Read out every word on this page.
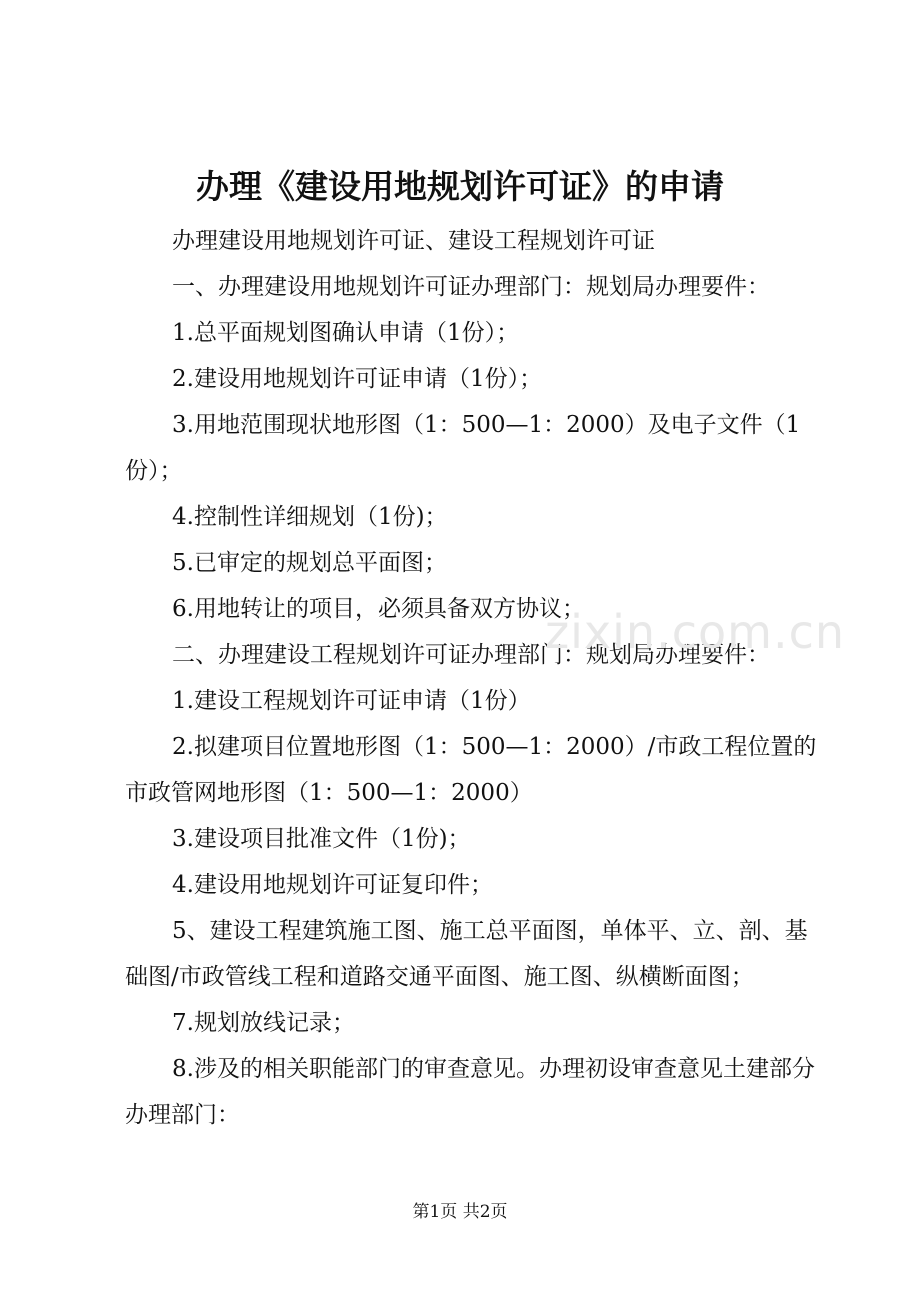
办理《建设用地规划许可证》的申请

办理建设用地规划许可证、建设工程规划许可证

一、办理建设用地规划许可证办理部门：规划局办理要件：

1.总平面规划图确认申请（1份）；

2.建设用地规划许可证申请（1份）；

3.用地范围现状地形图（1：500—1：2000）及电子文件（1份）；

4.控制性详细规划（1份)；

5.已审定的规划总平面图；

6.用地转让的项目，必须具备双方协议；

二、办理建设工程规划许可证办理部门：规划局办理要件：

1.建设工程规划许可证申请（1份）

2.拟建项目位置地形图（1：500—1：2000）/市政工程位置的市政管网地形图（1：500—1：2000）

3.建设项目批准文件（1份)；

4.建设用地规划许可证复印件；

5、建设工程建筑施工图、施工总平面图，单体平、立、剖、基础图/市政管线工程和道路交通平面图、施工图、纵横断面图；

7.规划放线记录；

8.涉及的相关职能部门的审查意见。办理初设审查意见土建部分办理部门：

zixin.com.cn
第1页 共2页
